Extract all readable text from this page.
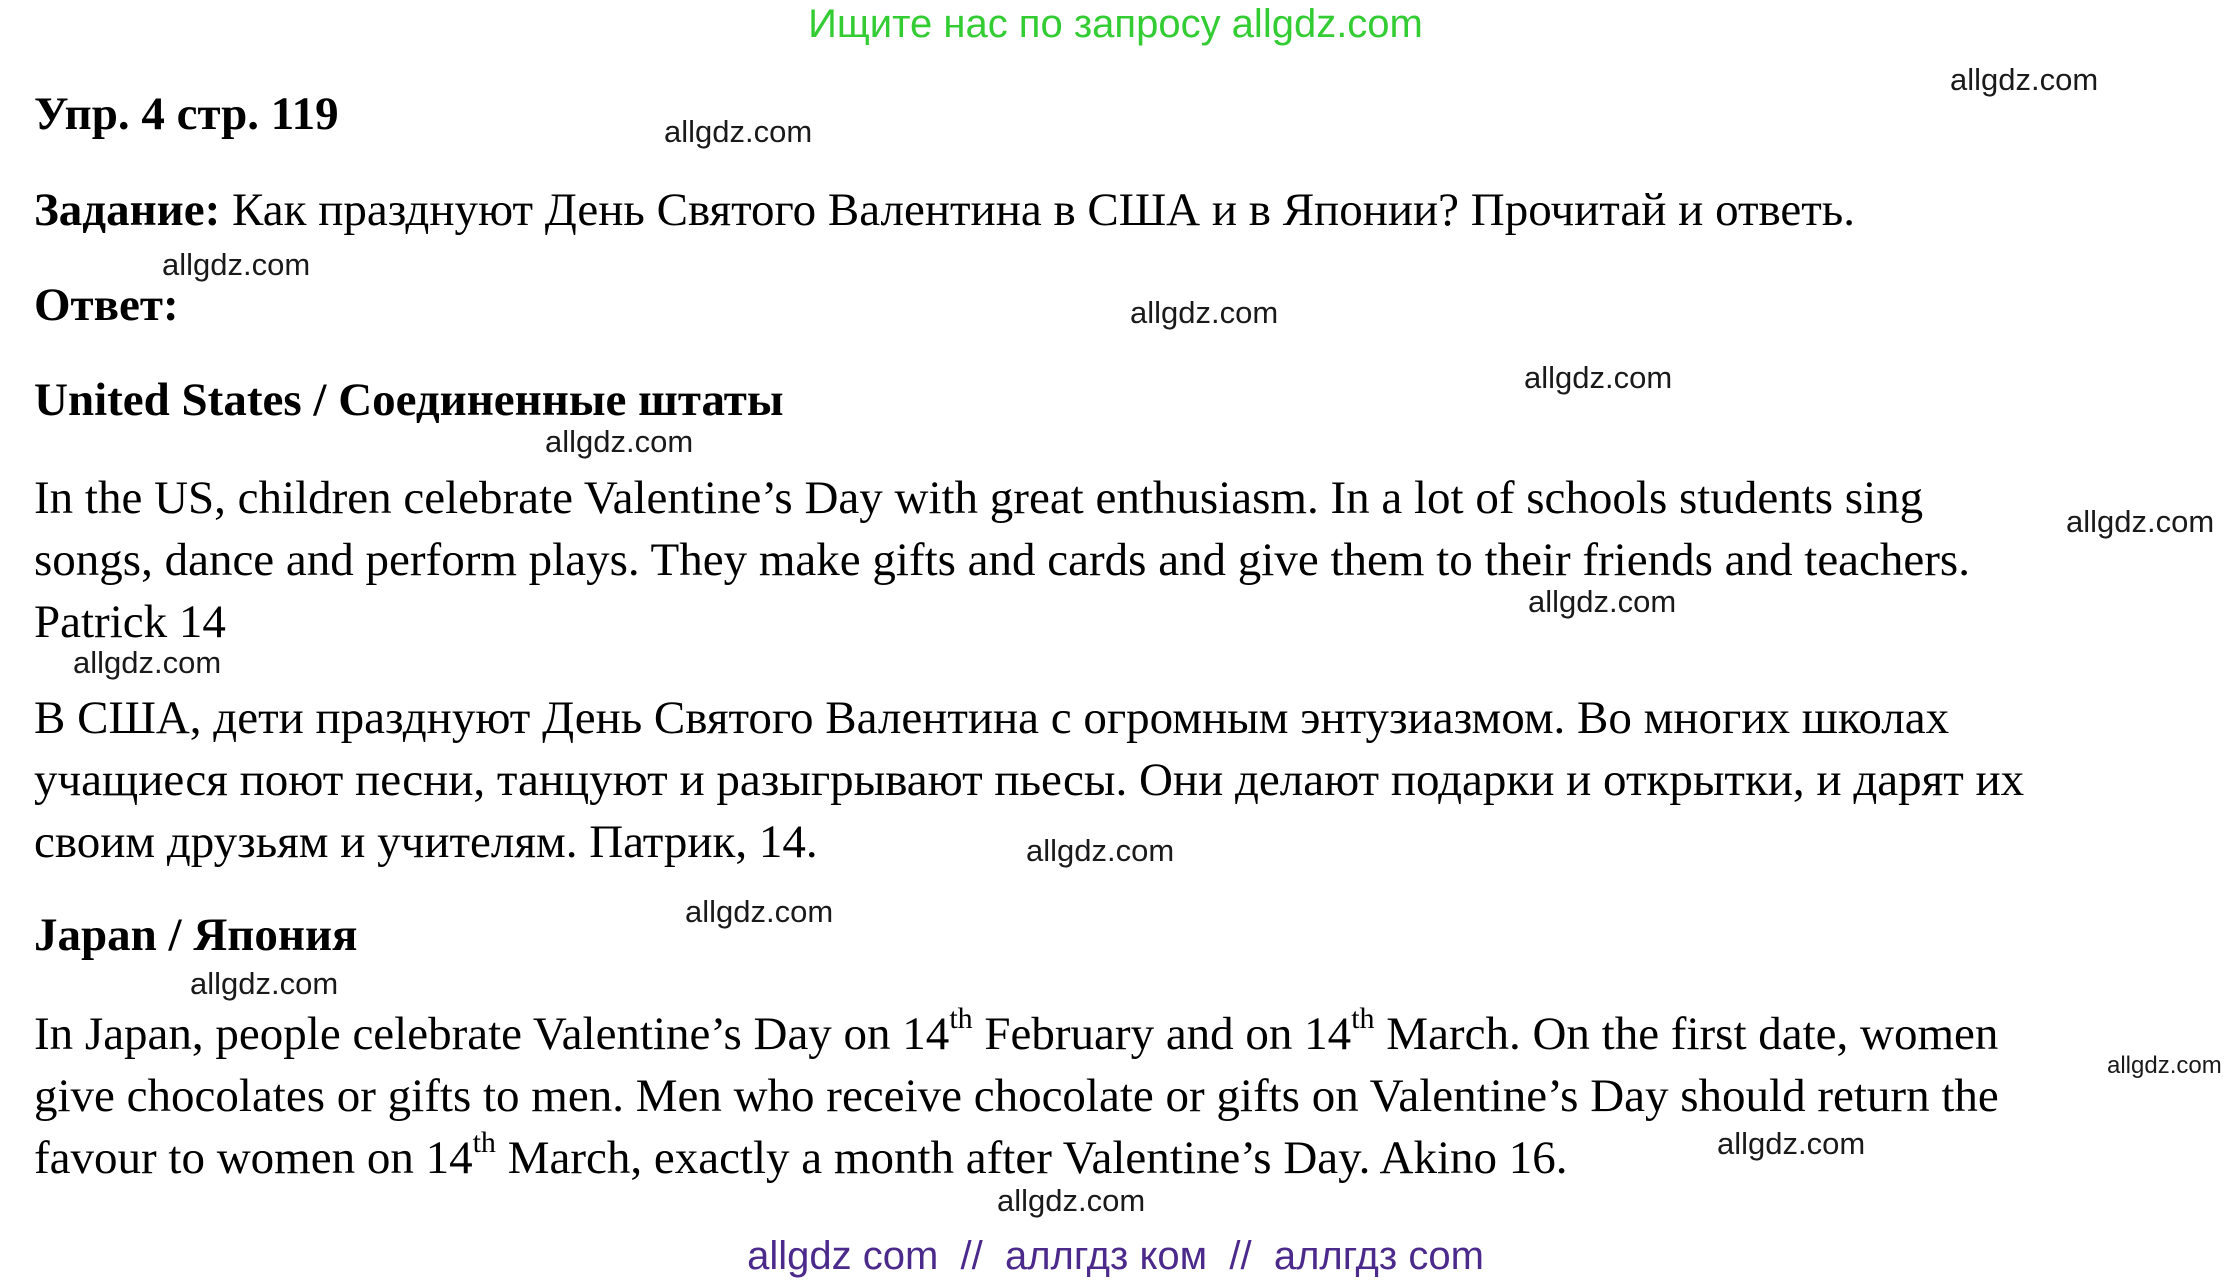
Ищите нас по запросу allgdz.com
allgdz.com
allgdz.com
allgdz.com
allgdz.com
allgdz.com
allgdz.com
allgdz.com
allgdz.com
allgdz.com
allgdz.com
allgdz.com
allgdz.com
allgdz.com
allgdz.com
allgdz.com
Упр. 4 стр. 119
Задание: Как празднуют День Святого Валентина в США и в Японии? Прочитай и ответь.
Ответ:
United States / Соединенные штаты
In the US, children celebrate Valentine’s Day with great enthusiasm. In a lot of schools students sing
songs, dance and perform plays. They make gifts and cards and give them to their friends and teachers.
Patrick 14
В США, дети празднуют День Святого Валентина с огромным энтузиазмом. Во многих школах
учащиеся поют песни, танцуют и разыгрывают пьесы. Они делают подарки и открытки, и дарят их
своим друзьям и учителям. Патрик, 14.
Japan / Япония
In Japan, people celebrate Valentine’s Day on 14th February and on 14th March. On the first date, women
give chocolates or gifts to men. Men who receive chocolate or gifts on Valentine’s Day should return the
favour to women on 14th March, exactly a month after Valentine’s Day. Akino 16.
allgdz com  //  аллгдз ком  //  аллгдз com
